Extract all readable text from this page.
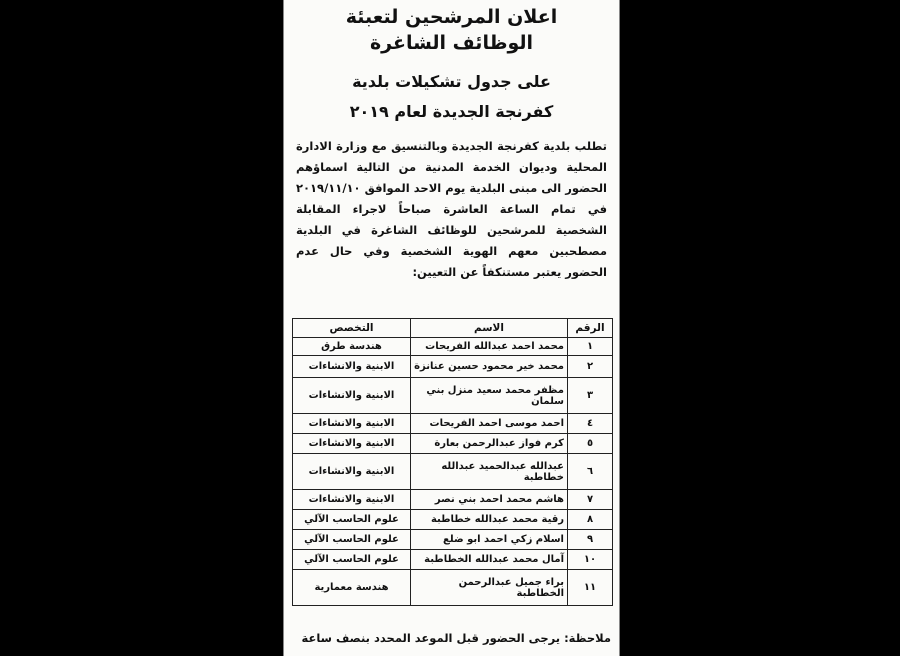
اعلان المرشحين لتعبئة
الوظائف الشاغرة
على جدول تشكيلات بلدية
كفرنجة الجديدة لعام ٢٠١٩
تطلب بلدية كفرنجة الجديدة وبالتنسيق مع وزارة الادارة المحلية وديوان الخدمة المدنية من التالية اسماؤهم الحضور الى مبنى البلدية يوم الاحد الموافق ٢٠١٩/١١/١٠ في تمام الساعة العاشرة صباحاً لاجراء المقابلة الشخصية للمرشحين للوظائف الشاغرة في البلدية مصطحبين معهم الهوية الشخصية وفي حال عدم الحضور يعتبر مستنكفاً عن التعيين:
الرقم	الاسم	التخصص
١	محمد احمد عبدالله الفريحات	هندسة طرق
٢	محمد خير محمود حسين عنانزة	الابنية والانشاءات
٣	مظفر محمد سعيد منزل بني سلمان	الابنية والانشاءات
٤	احمد موسى احمد الفريحات	الابنية والانشاءات
٥	كرم فواز عبدالرحمن بعارة	الابنية والانشاءات
٦	عبدالله عبدالحميد عبدالله خطاطبة	الابنية والانشاءات
٧	هاشم محمد احمد بني نصر	الابنية والانشاءات
٨	رقية محمد عبدالله خطاطبة	علوم الحاسب الآلي
٩	اسلام زكي احمد ابو ضلع	علوم الحاسب الآلي
١٠	آمال محمد عبدالله الخطاطبة	علوم الحاسب الآلي
١١	براء جميل عبدالرحمن الخطاطبة	هندسة معمارية
ملاحظة: يرجى الحضور قبل الموعد المحدد بنصف ساعة
